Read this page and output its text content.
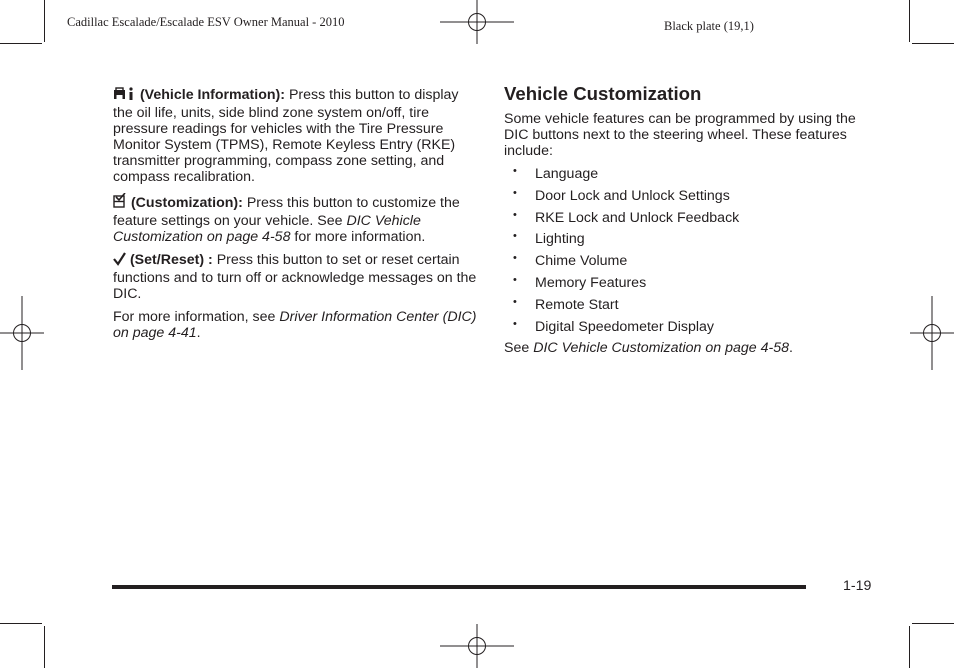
Cadillac Escalade/Escalade ESV Owner Manual - 2010	Black plate (19,1)

(Vehicle Information): Press this button to display the oil life, units, side blind zone system on/off, tire pressure readings for vehicles with the Tire Pressure Monitor System (TPMS), Remote Keyless Entry (RKE) transmitter programming, compass zone setting, and compass recalibration.

(Customization): Press this button to customize the feature settings on your vehicle. See DIC Vehicle Customization on page 4-58 for more information.

(Set/Reset) : Press this button to set or reset certain functions and to turn off or acknowledge messages on the DIC.

For more information, see Driver Information Center (DIC) on page 4-41.

Vehicle Customization

Some vehicle features can be programmed by using the DIC buttons next to the steering wheel. These features include:

• Language
• Door Lock and Unlock Settings
• RKE Lock and Unlock Feedback
• Lighting
• Chime Volume
• Memory Features
• Remote Start
• Digital Speedometer Display

See DIC Vehicle Customization on page 4-58.

1-19
